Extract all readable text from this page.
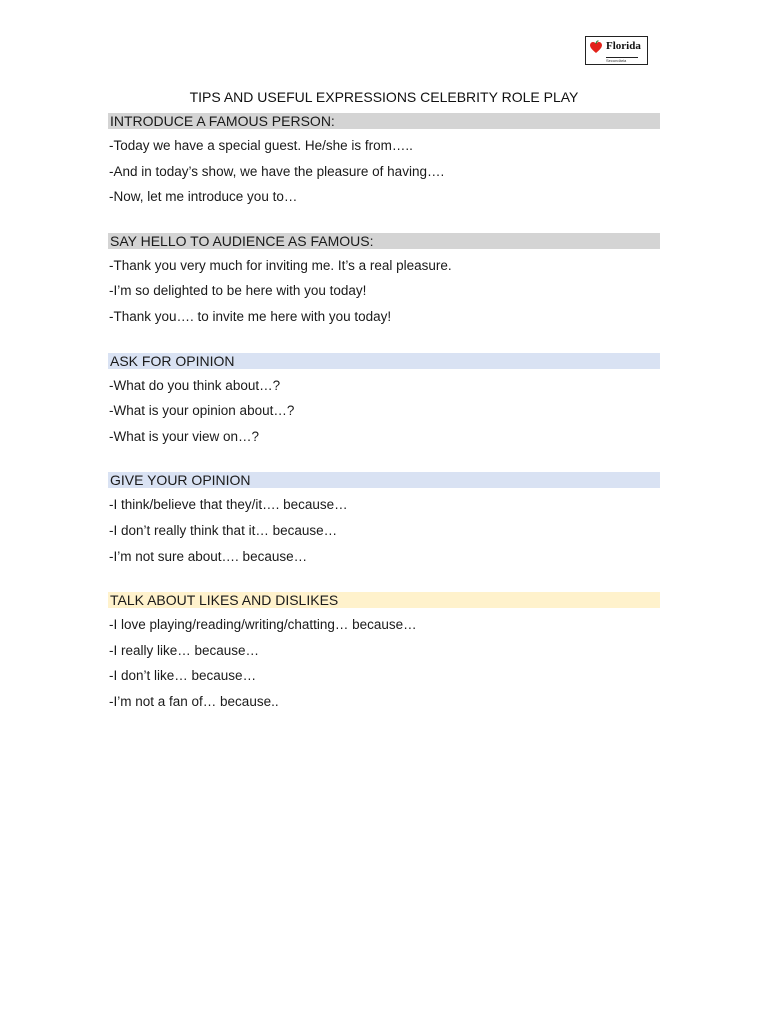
Florida
Secundària
TIPS AND USEFUL EXPRESSIONS CELEBRITY ROLE PLAY
INTRODUCE A FAMOUS PERSON:
-Today we have a special guest. He/she is from…..
-And in today’s show, we have the pleasure of having….
-Now, let me introduce you to…
SAY HELLO TO AUDIENCE AS FAMOUS:
-Thank you very much for inviting me. It’s a real pleasure.
-I’m so delighted to be here with you today!
-Thank you…. to invite me here with you today!
ASK FOR OPINION
-What do you think about…?
-What is your opinion about…?
-What is your view on…?
GIVE YOUR OPINION
-I think/believe that they/it…. because…
-I don’t really think that it… because…
-I’m not sure about…. because…
TALK ABOUT LIKES AND DISLIKES
-I love playing/reading/writing/chatting… because…
-I really like… because…
-I don’t like… because…
-I’m not a fan of… because..
